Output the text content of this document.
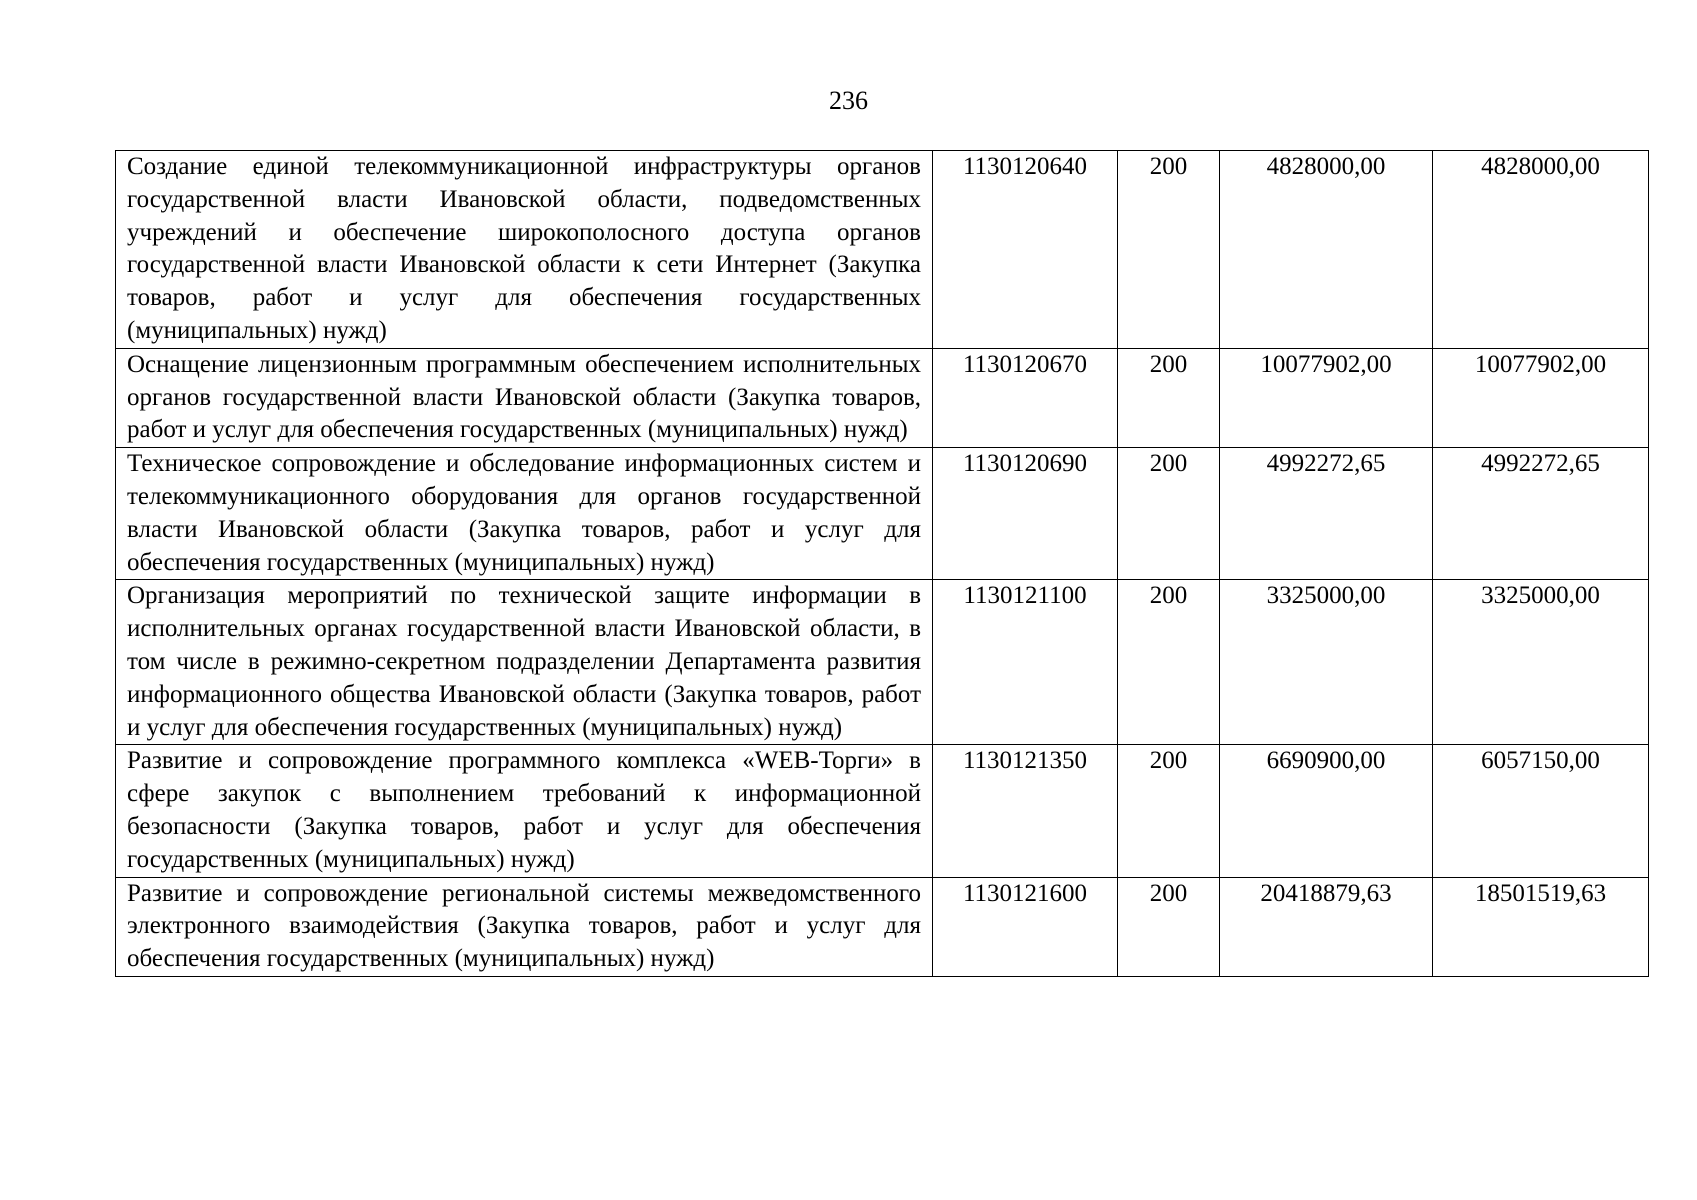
236
Создание единой телекоммуникационной инфраструктуры органов государственной власти Ивановской области, подведомственных учреждений и обеспечение широкополосного доступа органов государственной власти Ивановской области к сети Интернет (Закупка товаров, работ и услуг для обеспечения государственных (муниципальных) нужд)	1130120640	200	4828000,00	4828000,00
Оснащение лицензионным программным обеспечением исполнительных органов государственной власти Ивановской области (Закупка товаров, работ и услуг для обеспечения государственных (муниципальных) нужд)	1130120670	200	10077902,00	10077902,00
Техническое сопровождение и обследование информационных систем и телекоммуникационного оборудования для органов государственной власти Ивановской области (Закупка товаров, работ и услуг для обеспечения государственных (муниципальных) нужд)	1130120690	200	4992272,65	4992272,65
Организация мероприятий по технической защите информации в исполнительных органах государственной власти Ивановской области, в том числе в режимно-секретном подразделении Департамента развития информационного общества Ивановской области (Закупка товаров, работ и услуг для обеспечения государственных (муниципальных) нужд)	1130121100	200	3325000,00	3325000,00
Развитие и сопровождение программного комплекса «WEB-Торги» в сфере закупок с выполнением требований к информационной безопасности (Закупка товаров, работ и услуг для обеспечения государственных (муниципальных) нужд)	1130121350	200	6690900,00	6057150,00
Развитие и сопровождение региональной системы межведомственного электронного взаимодействия (Закупка товаров, работ и услуг для обеспечения государственных (муниципальных) нужд)	1130121600	200	20418879,63	18501519,63
